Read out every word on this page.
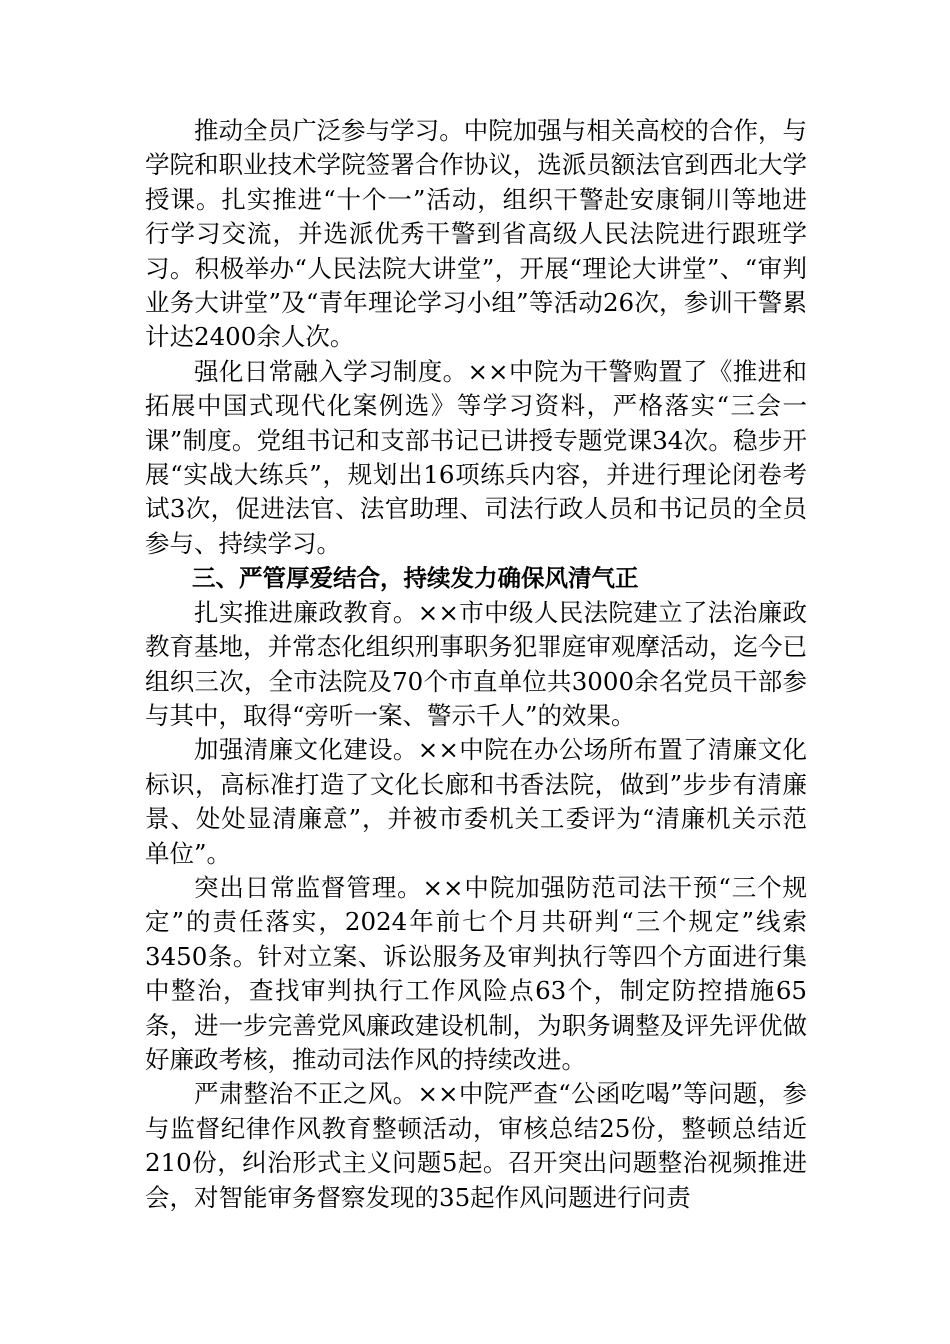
推动全员广泛参与学习。中院加强与相关高校的合作，与学院和职业技术学院签署合作协议，选派员额法官到西北大学授课。扎实推进“十个一”活动，组织干警赴安康铜川等地进行学习交流，并选派优秀干警到省高级人民法院进行跟班学习。积极举办“人民法院大讲堂”，开展“理论大讲堂”、“审判业务大讲堂”及“青年理论学习小组”等活动26次，参训干警累计达2400余人次。

强化日常融入学习制度。××中院为干警购置了《推进和拓展中国式现代化案例选》等学习资料，严格落实“三会一课”制度。党组书记和支部书记已讲授专题党课34次。稳步开展“实战大练兵”，规划出16项练兵内容，并进行理论闭卷考试3次，促进法官、法官助理、司法行政人员和书记员的全员参与、持续学习。

三、严管厚爱结合，持续发力确保风清气正

扎实推进廉政教育。××市中级人民法院建立了法治廉政教育基地，并常态化组织刑事职务犯罪庭审观摩活动，迄今已组织三次，全市法院及70个市直单位共3000余名党员干部参与其中，取得“旁听一案、警示千人”的效果。

加强清廉文化建设。××中院在办公场所布置了清廉文化标识，高标准打造了文化长廊和书香法院，做到”步步有清廉景、处处显清廉意”，并被市委机关工委评为“清廉机关示范单位”。

突出日常监督管理。××中院加强防范司法干预“三个规定”的责任落实，2024年前七个月共研判“三个规定”线索3450条。针对立案、诉讼服务及审判执行等四个方面进行集中整治，查找审判执行工作风险点63个，制定防控措施65条，进一步完善党风廉政建设机制，为职务调整及评先评优做好廉政考核，推动司法作风的持续改进。

严肃整治不正之风。××中院严查“公函吃喝”等问题，参与监督纪律作风教育整顿活动，审核总结25份，整顿总结近210份，纠治形式主义问题5起。召开突出问题整治视频推进会，对智能审务督察发现的35起作风问题进行问责
